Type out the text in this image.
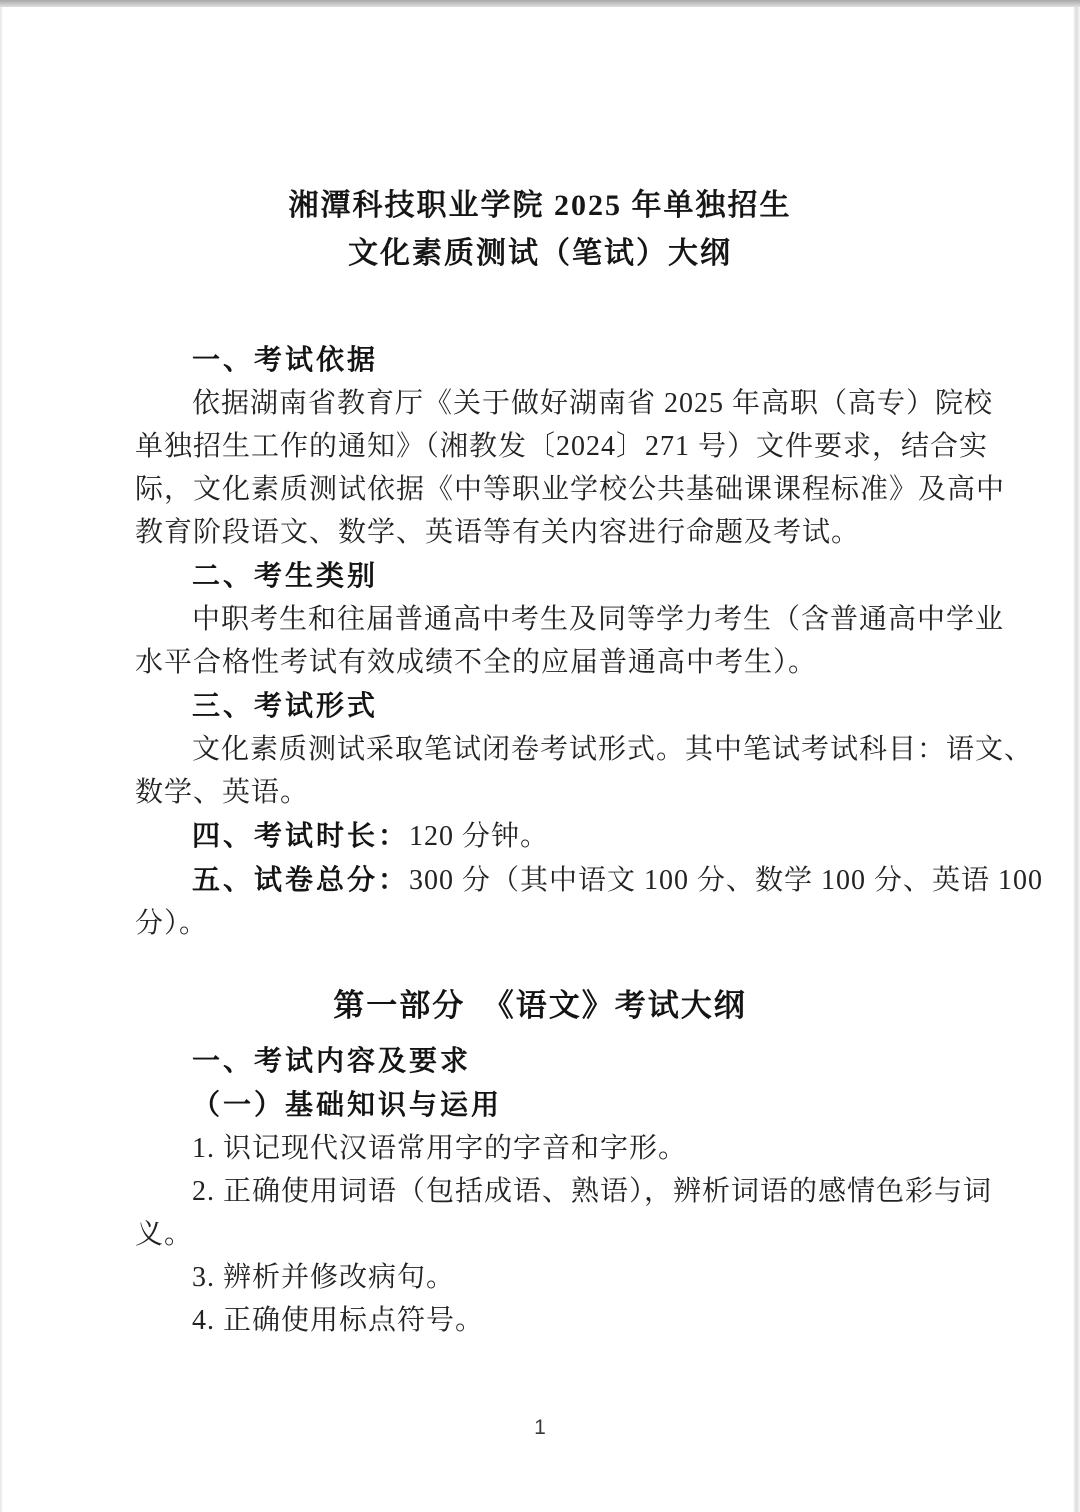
湘潭科技职业学院 2025 年单独招生
文化素质测试（笔试）大纲
一、考试依据
依据湖南省教育厅《关于做好湖南省 2025 年高职（高专）院校
单独招生工作的通知》（湘教发〔2024〕271 号）文件要求，结合实
际，文化素质测试依据《中等职业学校公共基础课课程标准》及高中
教育阶段语文、数学、英语等有关内容进行命题及考试。
二、考生类别
中职考生和往届普通高中考生及同等学力考生（含普通高中学业
水平合格性考试有效成绩不全的应届普通高中考生）。
三、考试形式
文化素质测试采取笔试闭卷考试形式。其中笔试考试科目：语文、
数学、英语。
四、考试时长：120 分钟。
五、试卷总分：300 分（其中语文 100 分、数学 100 分、英语 100
分）。
第一部分　《语文》考试大纲
一、考试内容及要求
（一）基础知识与运用
1. 识记现代汉语常用字的字音和字形。
2. 正确使用词语（包括成语、熟语），辨析词语的感情色彩与词
义。
3. 辨析并修改病句。
4. 正确使用标点符号。
1
